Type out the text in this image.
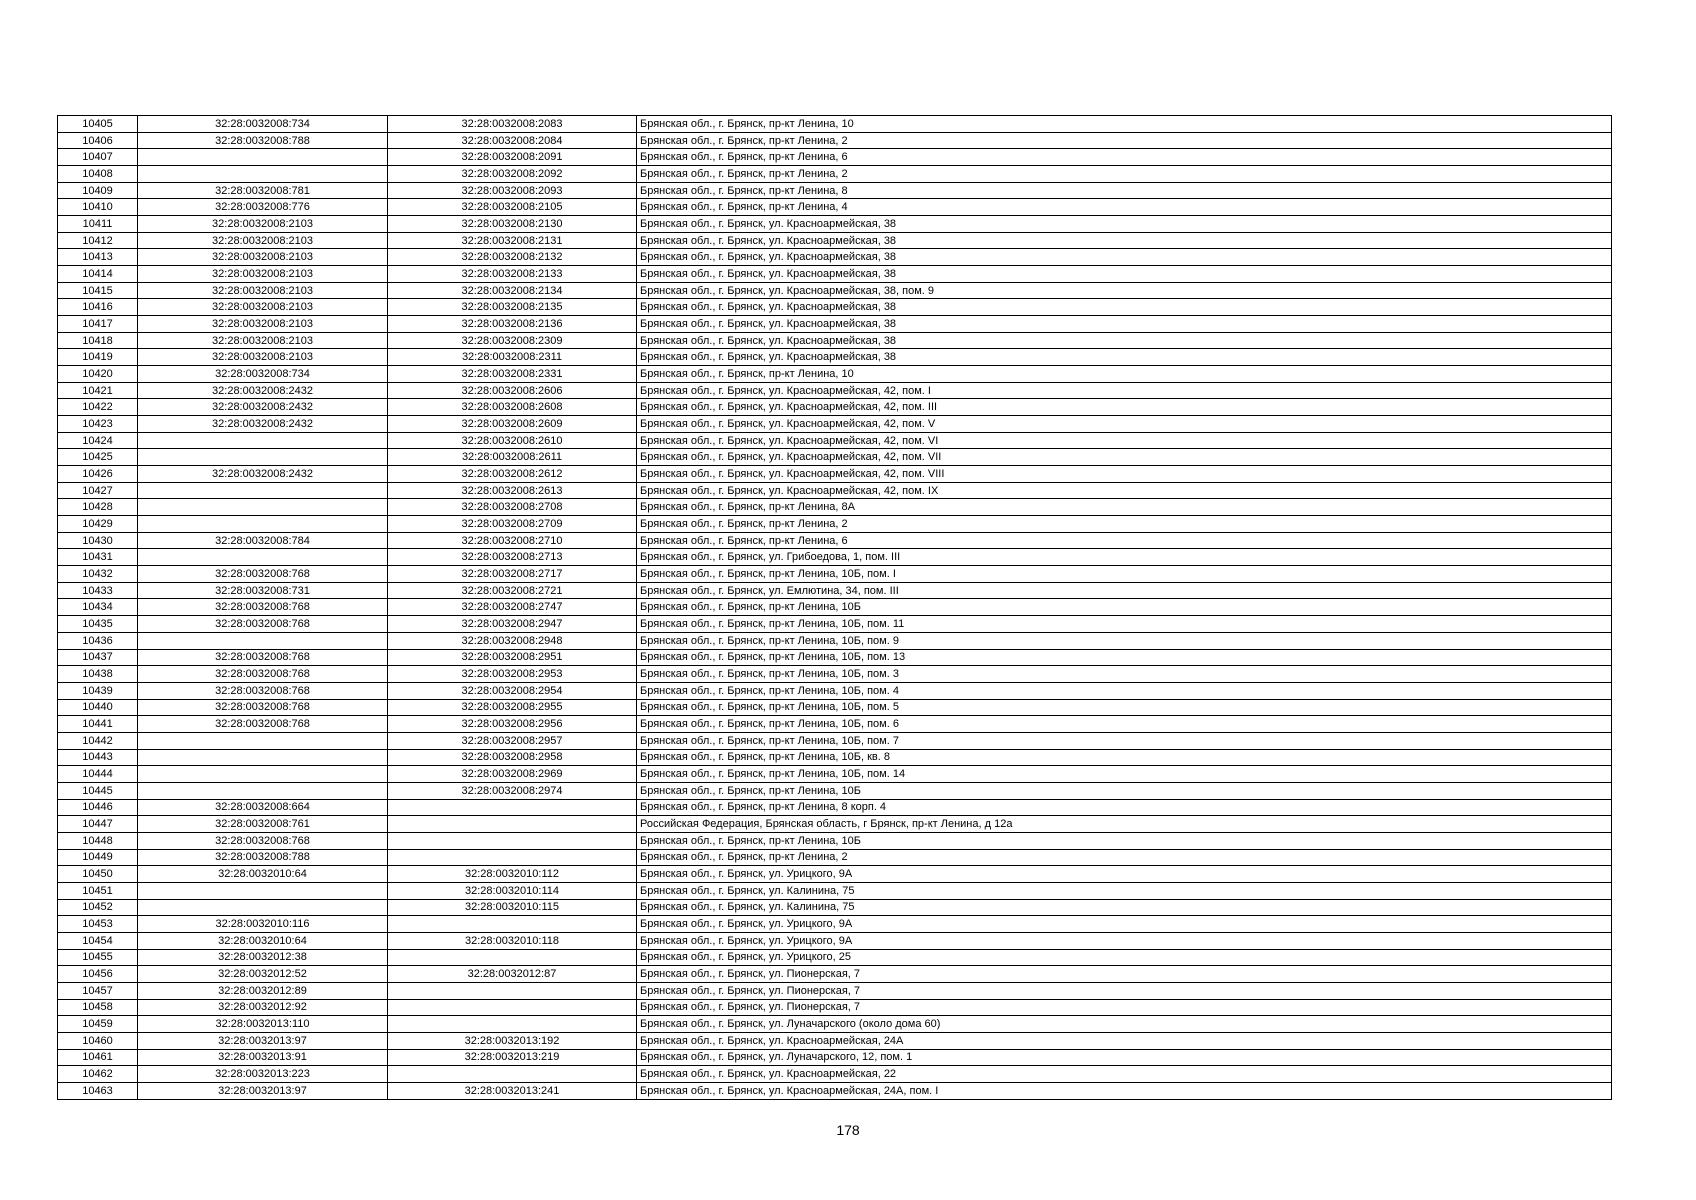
10405	32:28:0032008:734	32:28:0032008:2083	Брянская обл., г. Брянск, пр-кт Ленина, 10
10406	32:28:0032008:788	32:28:0032008:2084	Брянская обл., г. Брянск, пр-кт Ленина, 2
10407		32:28:0032008:2091	Брянская обл., г. Брянск, пр-кт Ленина, 6
10408		32:28:0032008:2092	Брянская обл., г. Брянск, пр-кт Ленина, 2
10409	32:28:0032008:781	32:28:0032008:2093	Брянская обл., г. Брянск, пр-кт Ленина, 8
10410	32:28:0032008:776	32:28:0032008:2105	Брянская обл., г. Брянск, пр-кт Ленина, 4
10411	32:28:0032008:2103	32:28:0032008:2130	Брянская обл., г. Брянск, ул. Красноармейская, 38
10412	32:28:0032008:2103	32:28:0032008:2131	Брянская обл., г. Брянск, ул. Красноармейская, 38
10413	32:28:0032008:2103	32:28:0032008:2132	Брянская обл., г. Брянск, ул. Красноармейская, 38
10414	32:28:0032008:2103	32:28:0032008:2133	Брянская обл., г. Брянск, ул. Красноармейская, 38
10415	32:28:0032008:2103	32:28:0032008:2134	Брянская обл., г. Брянск, ул. Красноармейская, 38, пом. 9
10416	32:28:0032008:2103	32:28:0032008:2135	Брянская обл., г. Брянск, ул. Красноармейская, 38
10417	32:28:0032008:2103	32:28:0032008:2136	Брянская обл., г. Брянск, ул. Красноармейская, 38
10418	32:28:0032008:2103	32:28:0032008:2309	Брянская обл., г. Брянск, ул. Красноармейская, 38
10419	32:28:0032008:2103	32:28:0032008:2311	Брянская обл., г. Брянск, ул. Красноармейская, 38
10420	32:28:0032008:734	32:28:0032008:2331	Брянская обл., г. Брянск, пр-кт Ленина, 10
10421	32:28:0032008:2432	32:28:0032008:2606	Брянская обл., г. Брянск, ул. Красноармейская, 42, пом. I
10422	32:28:0032008:2432	32:28:0032008:2608	Брянская обл., г. Брянск, ул. Красноармейская, 42, пом. III
10423	32:28:0032008:2432	32:28:0032008:2609	Брянская обл., г. Брянск, ул. Красноармейская, 42, пом. V
10424		32:28:0032008:2610	Брянская обл., г. Брянск, ул. Красноармейская, 42, пом. VI
10425		32:28:0032008:2611	Брянская обл., г. Брянск, ул. Красноармейская, 42, пом. VII
10426	32:28:0032008:2432	32:28:0032008:2612	Брянская обл., г. Брянск, ул. Красноармейская, 42, пом. VIII
10427		32:28:0032008:2613	Брянская обл., г. Брянск, ул. Красноармейская, 42, пом. IX
10428		32:28:0032008:2708	Брянская обл., г. Брянск, пр-кт Ленина, 8А
10429		32:28:0032008:2709	Брянская обл., г. Брянск, пр-кт Ленина, 2
10430	32:28:0032008:784	32:28:0032008:2710	Брянская обл., г. Брянск, пр-кт Ленина, 6
10431		32:28:0032008:2713	Брянская обл., г. Брянск, ул. Грибоедова, 1, пом. III
10432	32:28:0032008:768	32:28:0032008:2717	Брянская обл., г. Брянск, пр-кт Ленина, 10Б, пом. I
10433	32:28:0032008:731	32:28:0032008:2721	Брянская обл., г. Брянск, ул. Емлютина, 34, пом. III
10434	32:28:0032008:768	32:28:0032008:2747	Брянская обл., г. Брянск, пр-кт Ленина, 10Б
10435	32:28:0032008:768	32:28:0032008:2947	Брянская обл., г. Брянск, пр-кт Ленина, 10Б, пом. 11
10436		32:28:0032008:2948	Брянская обл., г. Брянск, пр-кт Ленина, 10Б, пом. 9
10437	32:28:0032008:768	32:28:0032008:2951	Брянская обл., г. Брянск, пр-кт Ленина, 10Б, пом. 13
10438	32:28:0032008:768	32:28:0032008:2953	Брянская обл., г. Брянск, пр-кт Ленина, 10Б, пом. 3
10439	32:28:0032008:768	32:28:0032008:2954	Брянская обл., г. Брянск, пр-кт Ленина, 10Б, пом. 4
10440	32:28:0032008:768	32:28:0032008:2955	Брянская обл., г. Брянск, пр-кт Ленина, 10Б, пом. 5
10441	32:28:0032008:768	32:28:0032008:2956	Брянская обл., г. Брянск, пр-кт Ленина, 10Б, пом. 6
10442		32:28:0032008:2957	Брянская обл., г. Брянск, пр-кт Ленина, 10Б, пом. 7
10443		32:28:0032008:2958	Брянская обл., г. Брянск, пр-кт Ленина, 10Б, кв. 8
10444		32:28:0032008:2969	Брянская обл., г. Брянск, пр-кт Ленина, 10Б, пом. 14
10445		32:28:0032008:2974	Брянская обл., г. Брянск, пр-кт Ленина, 10Б
10446	32:28:0032008:664		Брянская обл., г. Брянск, пр-кт Ленина, 8 корп. 4
10447	32:28:0032008:761		Российская Федерация, Брянская область, г Брянск, пр-кт Ленина, д 12а
10448	32:28:0032008:768		Брянская обл., г. Брянск, пр-кт Ленина, 10Б
10449	32:28:0032008:788		Брянская обл., г. Брянск, пр-кт Ленина, 2
10450	32:28:0032010:64	32:28:0032010:112	Брянская обл., г. Брянск, ул. Урицкого, 9А
10451		32:28:0032010:114	Брянская обл., г. Брянск, ул. Калинина, 75
10452		32:28:0032010:115	Брянская обл., г. Брянск, ул. Калинина, 75
10453	32:28:0032010:116		Брянская обл., г. Брянск, ул. Урицкого, 9А
10454	32:28:0032010:64	32:28:0032010:118	Брянская обл., г. Брянск, ул. Урицкого, 9А
10455	32:28:0032012:38		Брянская обл., г. Брянск, ул. Урицкого, 25
10456	32:28:0032012:52	32:28:0032012:87	Брянская обл., г. Брянск, ул. Пионерская, 7
10457	32:28:0032012:89		Брянская обл., г. Брянск, ул. Пионерская, 7
10458	32:28:0032012:92		Брянская обл., г. Брянск, ул. Пионерская, 7
10459	32:28:0032013:110		Брянская обл., г. Брянск, ул. Луначарского (около дома 60)
10460	32:28:0032013:97	32:28:0032013:192	Брянская обл., г. Брянск, ул. Красноармейская, 24А
10461	32:28:0032013:91	32:28:0032013:219	Брянская обл., г. Брянск, ул. Луначарского, 12, пом. 1
10462	32:28:0032013:223		Брянская обл., г. Брянск, ул. Красноармейская, 22
10463	32:28:0032013:97	32:28:0032013:241	Брянская обл., г. Брянск, ул. Красноармейская, 24А, пом. I
178
